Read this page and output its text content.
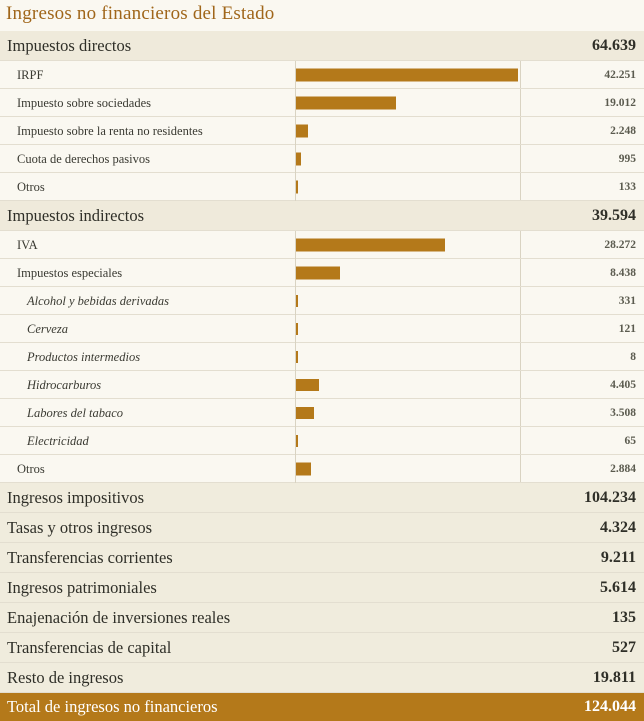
Ingresos no financieros del Estado
Impuestos directos	64.639
IRPF	42.251
Impuesto sobre sociedades	19.012
Impuesto sobre la renta no residentes	2.248
Cuota de derechos pasivos	995
Otros	133
Impuestos indirectos	39.594
IVA	28.272
Impuestos especiales	8.438
Alcohol y bebidas derivadas	331
Cerveza	121
Productos intermedios	8
Hidrocarburos	4.405
Labores del tabaco	3.508
Electricidad	65
Otros	2.884
Ingresos impositivos	104.234
Tasas y otros ingresos	4.324
Transferencias corrientes	9.211
Ingresos patrimoniales	5.614
Enajenación de inversiones reales	135
Transferencias de capital	527
Resto de ingresos	19.811
Total de ingresos no financieros	124.044
